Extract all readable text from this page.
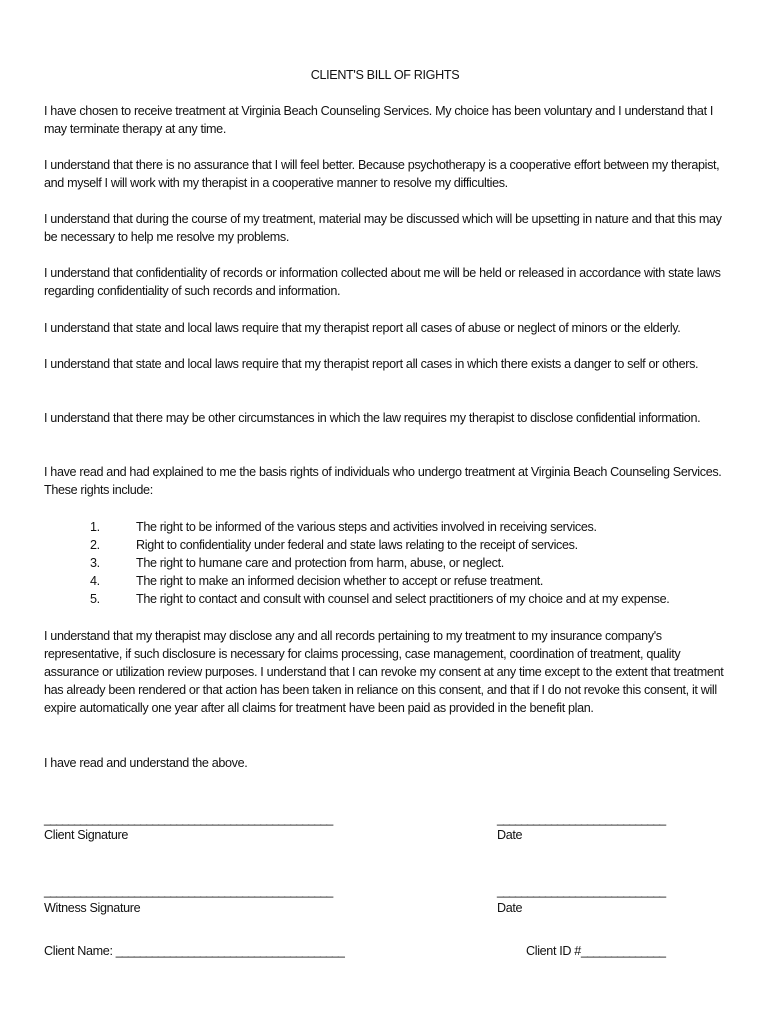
CLIENT'S BILL OF RIGHTS

I have chosen to receive treatment at Virginia Beach Counseling Services. My choice has been voluntary and I understand that I may terminate therapy at any time.

I understand that there is no assurance that I will feel better. Because psychotherapy is a cooperative effort between my therapist, and myself I will work with my therapist in a cooperative manner to resolve my difficulties.

I understand that during the course of my treatment, material may be discussed which will be upsetting in nature and that this may be necessary to help me resolve my problems.

I understand that confidentiality of records or information collected about me will be held or released in accordance with state laws regarding confidentiality of such records and information.

I understand that state and local laws require that my therapist report all cases of abuse or neglect of minors or the elderly.

I understand that state and local laws require that my therapist report all cases in which there exists a danger to self or others.

I understand that there may be other circumstances in which the law requires my therapist to disclose confidential information.

I have read and had explained to me the basis rights of individuals who undergo treatment at Virginia Beach Counseling Services. These rights include:

1.	The right to be informed of the various steps and activities involved in receiving services.
2.	Right to confidentiality under federal and state laws relating to the receipt of services.
3.	The right to humane care and protection from harm, abuse, or neglect.
4.	The right to make an informed decision whether to accept or refuse treatment.
5.	The right to contact and consult with counsel and select practitioners of my choice and at my expense.

I understand that my therapist may disclose any and all records pertaining to my treatment to my insurance company's representative, if such disclosure is necessary for claims processing, case management, coordination of treatment, quality assurance or utilization review purposes. I understand that I can revoke my consent at any time except to the extent that treatment has already been rendered or that action has been taken in reliance on this consent, and that if I do not revoke this consent, it will expire automatically one year after all claims for treatment have been paid as provided in the benefit plan.

I have read and understand the above.

________________________________________________
Client Signature
____________________________
Date
________________________________________________
Witness Signature
____________________________
Date
Client Name: ______________________________________	Client ID #______________
